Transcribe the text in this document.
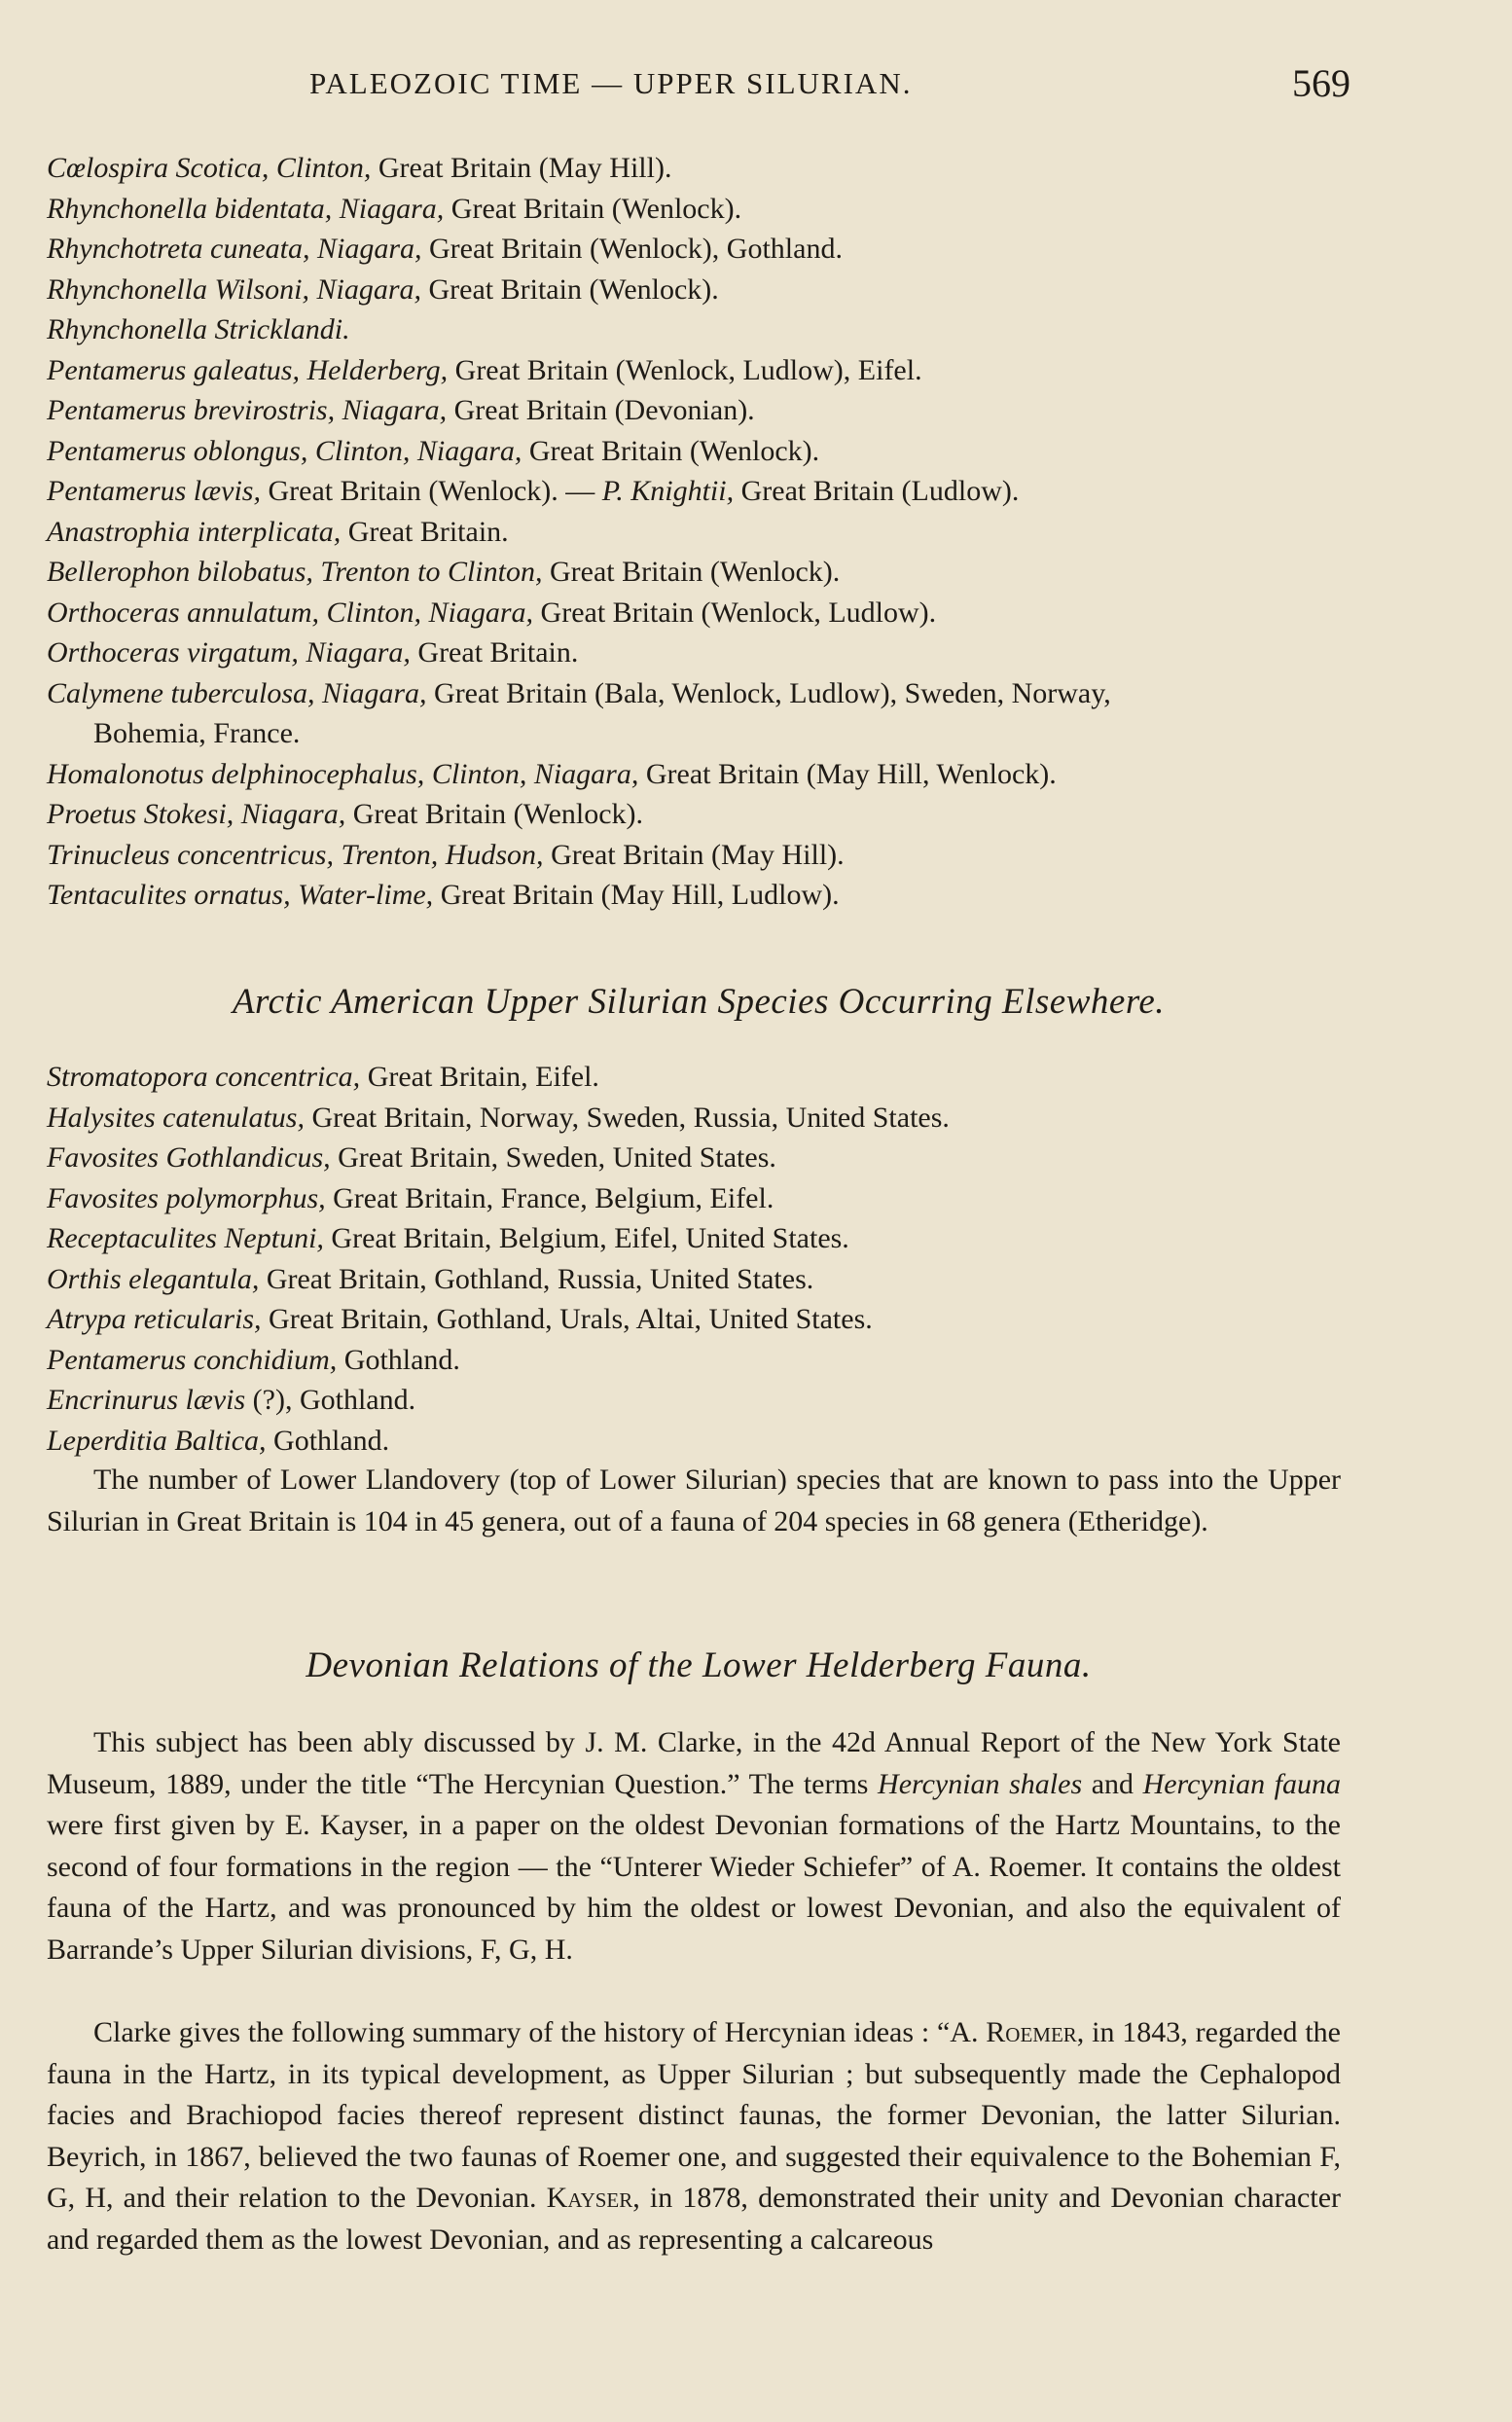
PALEOZOIC TIME — UPPER SILURIAN.	569
Cœlospira Scotica, Clinton, Great Britain (May Hill).
Rhynchonella bidentata, Niagara, Great Britain (Wenlock).
Rhynchotreta cuneata, Niagara, Great Britain (Wenlock), Gothland.
Rhynchonella Wilsoni, Niagara, Great Britain (Wenlock).
Rhynchonella Stricklandi.
Pentamerus galeatus, Helderberg, Great Britain (Wenlock, Ludlow), Eifel.
Pentamerus brevirostris, Niagara, Great Britain (Devonian).
Pentamerus oblongus, Clinton, Niagara, Great Britain (Wenlock).
Pentamerus lævis, Great Britain (Wenlock). — P. Knightii, Great Britain (Ludlow).
Anastrophia interplicata, Great Britain.
Bellerophon bilobatus, Trenton to Clinton, Great Britain (Wenlock).
Orthoceras annulatum, Clinton, Niagara, Great Britain (Wenlock, Ludlow).
Orthoceras virgatum, Niagara, Great Britain.
Calymene tuberculosa, Niagara, Great Britain (Bala, Wenlock, Ludlow), Sweden, Norway,
Bohemia, France.
Homalonotus delphinocephalus, Clinton, Niagara, Great Britain (May Hill, Wenlock).
Proetus Stokesi, Niagara, Great Britain (Wenlock).
Trinucleus concentricus, Trenton, Hudson, Great Britain (May Hill).
Tentaculites ornatus, Water-lime, Great Britain (May Hill, Ludlow).
Arctic American Upper Silurian Species Occurring Elsewhere.
Stromatopora concentrica, Great Britain, Eifel.
Halysites catenulatus, Great Britain, Norway, Sweden, Russia, United States.
Favosites Gothlandicus, Great Britain, Sweden, United States.
Favosites polymorphus, Great Britain, France, Belgium, Eifel.
Receptaculites Neptuni, Great Britain, Belgium, Eifel, United States.
Orthis elegantula, Great Britain, Gothland, Russia, United States.
Atrypa reticularis, Great Britain, Gothland, Urals, Altai, United States.
Pentamerus conchidium, Gothland.
Encrinurus lævis (?), Gothland.
Leperditia Baltica, Gothland.

The number of Lower Llandovery (top of Lower Silurian) species that are known to pass into the Upper Silurian in Great Britain is 104 in 45 genera, out of a fauna of 204 species in 68 genera (Etheridge).

Devonian Relations of the Lower Helderberg Fauna.

This subject has been ably discussed by J. M. Clarke, in the 42d Annual Report of the New York State Museum, 1889, under the title “The Hercynian Question.” The terms Hercynian shales and Hercynian fauna were first given by E. Kayser, in a paper on the oldest Devonian formations of the Hartz Mountains, to the second of four formations in the region — the “Unterer Wieder Schiefer” of A. Roemer. It contains the oldest fauna of the Hartz, and was pronounced by him the oldest or lowest Devonian, and also the equivalent of Barrande’s Upper Silurian divisions, F, G, H.

Clarke gives the following summary of the history of Hercynian ideas : “A. Roemer, in 1843, regarded the fauna in the Hartz, in its typical development, as Upper Silurian ; but subsequently made the Cephalopod facies and Brachiopod facies thereof represent distinct faunas, the former Devonian, the latter Silurian. Beyrich, in 1867, believed the two faunas of Roemer one, and suggested their equivalence to the Bohemian F, G, H, and their relation to the Devonian. Kayser, in 1878, demonstrated their unity and Devonian character and regarded them as the lowest Devonian, and as representing a calcareous
